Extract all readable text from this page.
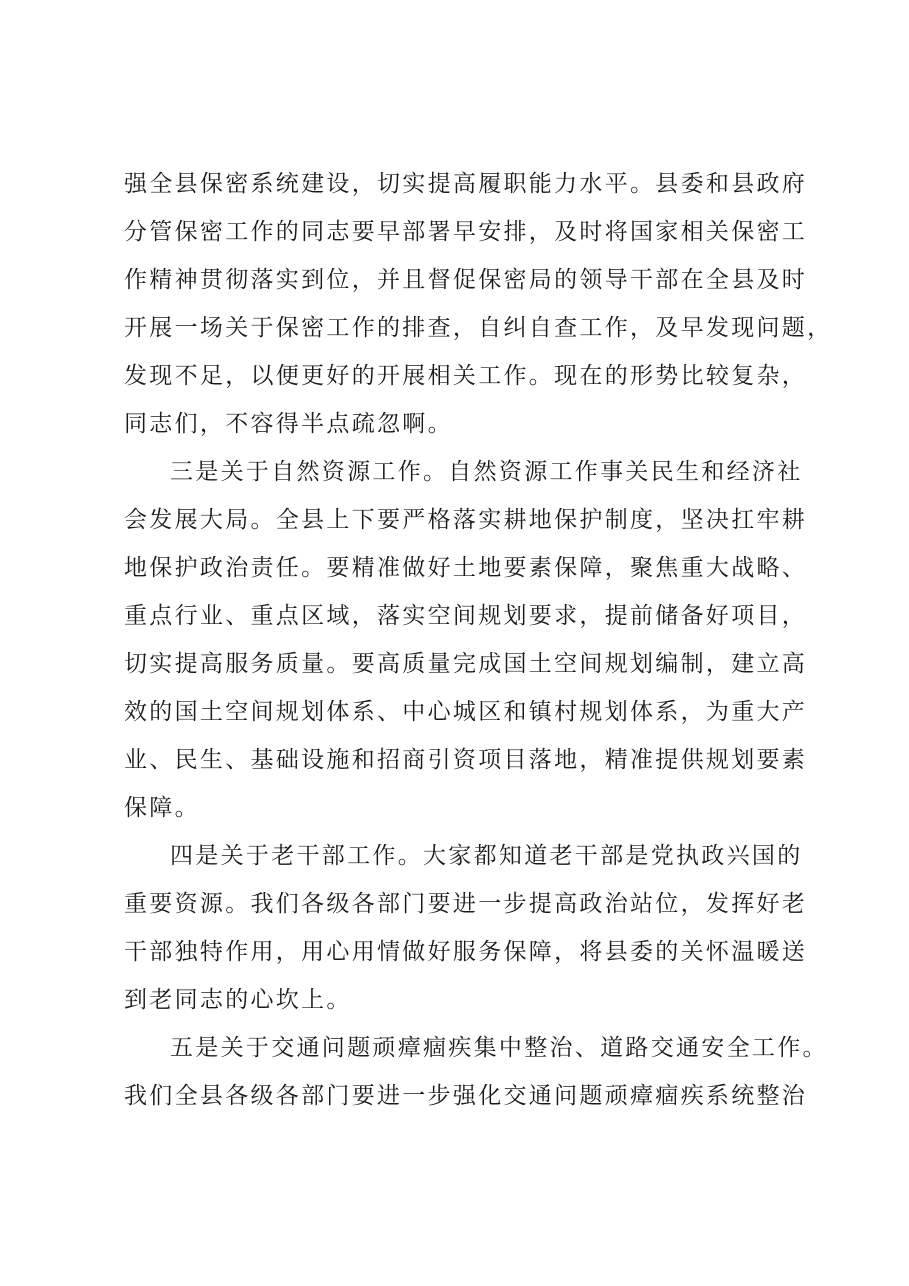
强全县保密系统建设，切实提高履职能力水平。县委和县政府
分管保密工作的同志要早部署早安排，及时将国家相关保密工
作精神贯彻落实到位，并且督促保密局的领导干部在全县及时
开展一场关于保密工作的排查，自纠自查工作，及早发现问题，
发现不足，以便更好的开展相关工作。现在的形势比较复杂，
同志们，不容得半点疏忽啊。
三是关于自然资源工作。自然资源工作事关民生和经济社
会发展大局。全县上下要严格落实耕地保护制度，坚决扛牢耕
地保护政治责任。要精准做好土地要素保障，聚焦重大战略、
重点行业、重点区域，落实空间规划要求，提前储备好项目，
切实提高服务质量。要高质量完成国土空间规划编制，建立高
效的国土空间规划体系、中心城区和镇村规划体系，为重大产
业、民生、基础设施和招商引资项目落地，精准提供规划要素
保障。
四是关于老干部工作。大家都知道老干部是党执政兴国的
重要资源。我们各级各部门要进一步提高政治站位，发挥好老
干部独特作用，用心用情做好服务保障，将县委的关怀温暖送
到老同志的心坎上。
五是关于交通问题顽瘴痼疾集中整治、道路交通安全工作。
我们全县各级各部门要进一步强化交通问题顽瘴痼疾系统整治
